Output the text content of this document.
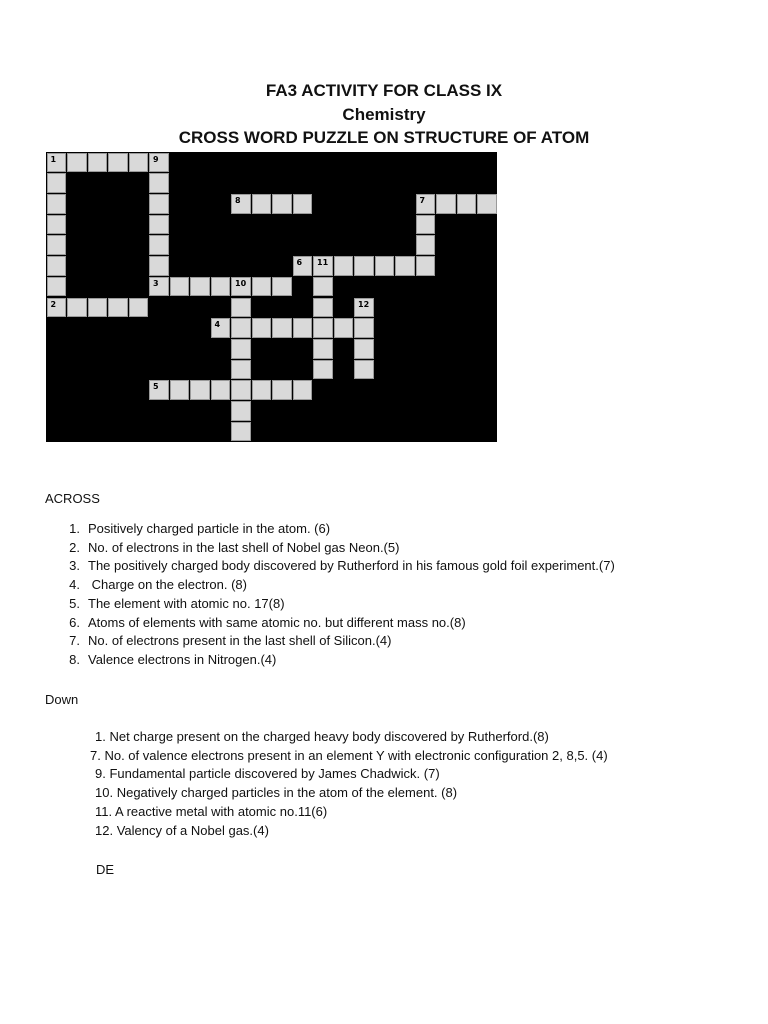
FA3 ACTIVITY FOR CLASS IX
Chemistry
CROSS WORD PUZZLE ON STRUCTURE OF ATOM
1	9
8	7
6 11
3	10
2	12
4
5
ACROSS
1. Positively charged particle in the atom. (6)
2. No. of electrons in the last shell of Nobel gas Neon.(5)
3. The positively charged body discovered by Rutherford in his famous gold foil experiment.(7)
4. Charge on the electron. (8)
5. The element with atomic no. 17(8)
6. Atoms of elements with same atomic no. but different mass no.(8)
7. No. of electrons present in the last shell of Silicon.(4)
8. Valence electrons in Nitrogen.(4)
Down
1. Net charge present on the charged heavy body discovered by Rutherford.(8)
7. No. of valence electrons present in an element Y with electronic configuration 2, 8,5. (4)
9. Fundamental particle discovered by James Chadwick. (7)
10. Negatively charged particles in the atom of the element. (8)
11. A reactive metal with atomic no.11(6)
12. Valency of a Nobel gas.(4)
DE
